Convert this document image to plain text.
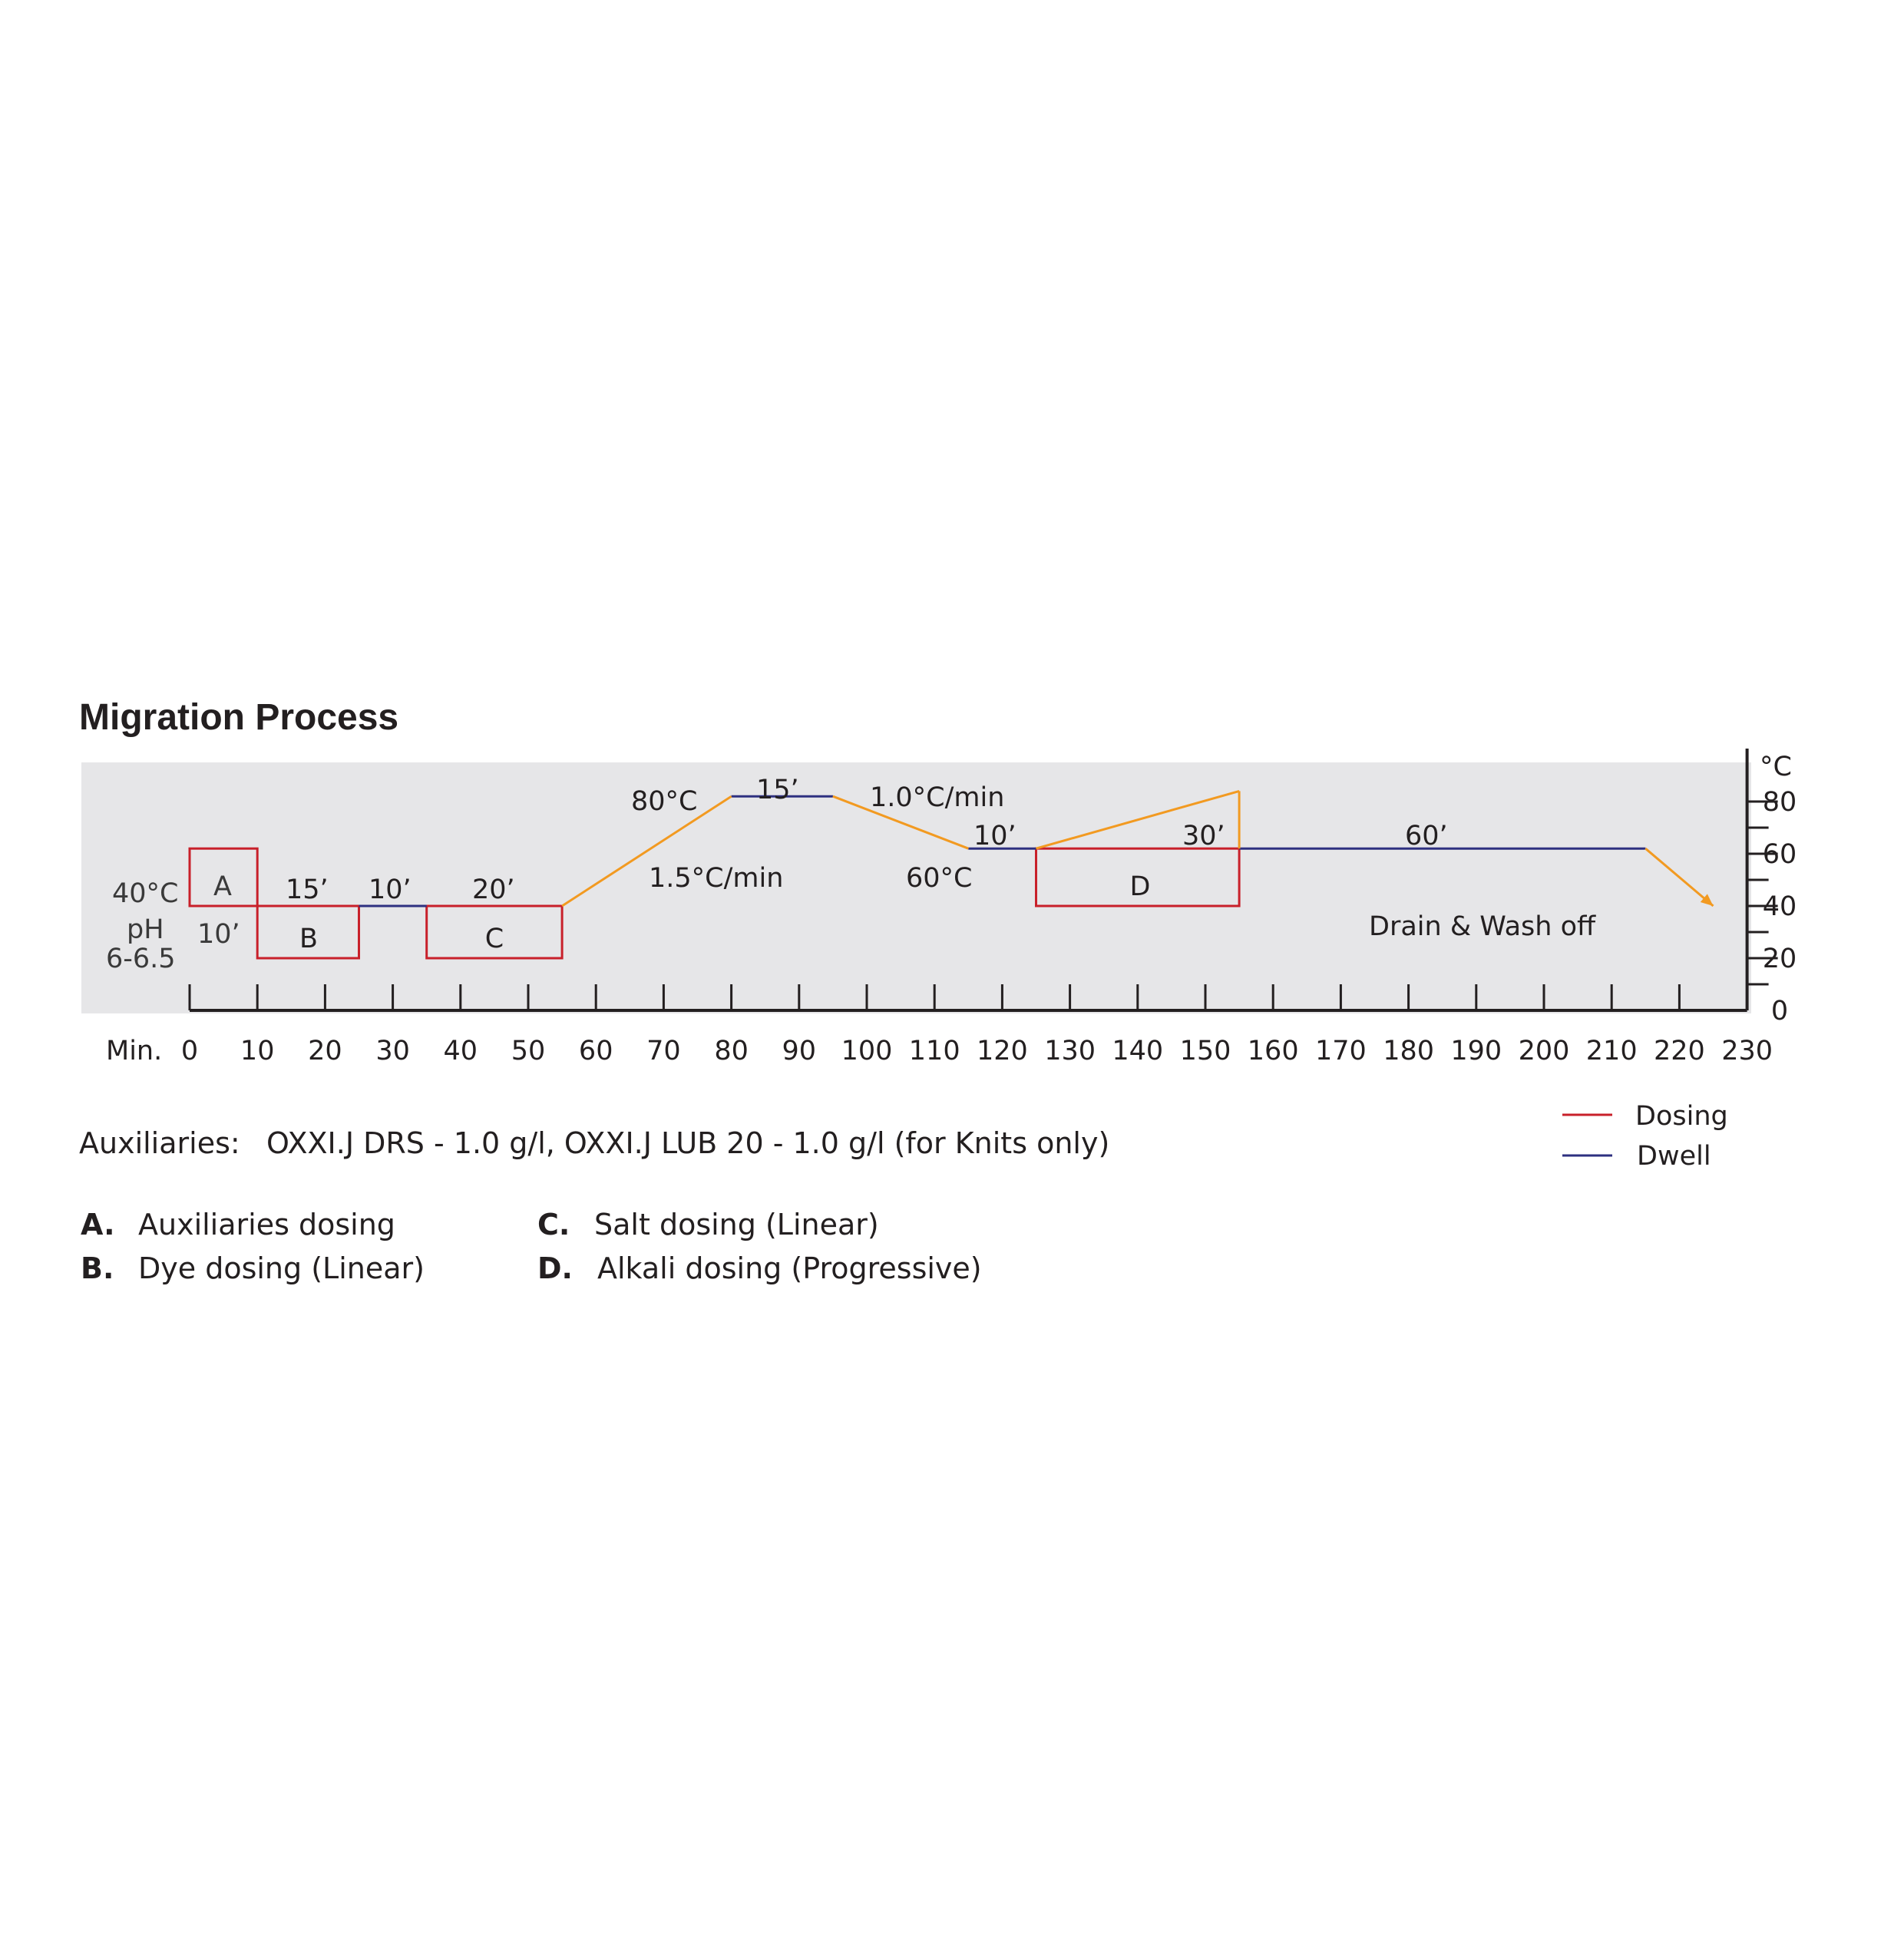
Migration Process
0 10 20 30 40 50 60 70 80 90 100 110 120 130 140 150 160 170 180 190 200 210 220 230
0
20
40
60
80
Min.
°C
40°C
pH
6-6.5
10’
15’ 10’ 20’
80°C 15’
1.5°C/min
1.0°C/min
60°C
10’	30’	60’
Drain & Wash off
A
B	C
D
Dosing
Dwell
Auxiliaries: OXXI.J DRS - 1.0 g/l, OXXI.J LUB 20 - 1.0 g/l (for Knits only)
A. Auxiliaries dosing
B. Dye dosing (Linear)
C. Salt dosing (Linear)
D. Alkali dosing (Progressive)
